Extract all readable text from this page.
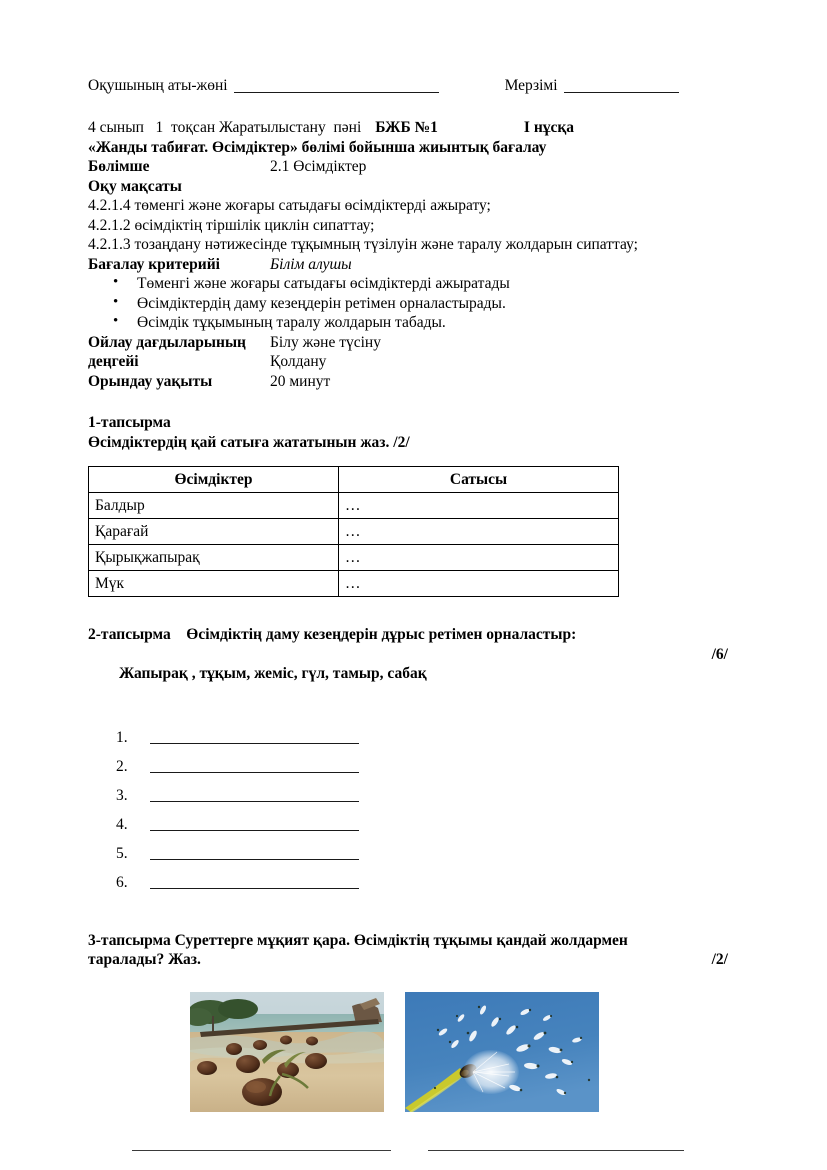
Оқушының аты-жөні	Мерзімі
4 сынып   1  тоқсан Жаратылыстану  пәні БЖБ №1	I нұсқа
«Жанды табиғат. Өсімдіктер» бөлімі бойынша жиынтық бағалау
Бөлімше	2.1 Өсімдіктер
Оқу мақсаты
4.2.1.4 төменгі және жоғары сатыдағы өсімдіктерді ажырату;
4.2.1.2 өсімдіктің тіршілік циклін сипаттау;
4.2.1.3 тозаңдану нәтижесінде тұқымның түзілуін және таралу жолдарын сипаттау;
Бағалау критерийі	Білім алушы
• Төменгі және жоғары сатыдағы өсімдіктерді ажыратады
• Өсімдіктердің даму кезеңдерін ретімен орналастырады.
• Өсімдік тұқымының таралу жолдарын табады.
Ойлау дағдыларының	Білу және түсіну
деңгейі	Қолдану
Орындау уақыты	20 минут
1-тапсырма
Өсімдіктердің қай сатыға жататынын жаз. /2/
Өсімдіктер	Сатысы
Балдыр	…
Қарағай	…
Қырықжапырақ	…
Мүк	…
2-тапсырма    Өсімдіктің даму кезеңдерін дұрыс ретімен орналастыр:

Жапырақ , тұқым, жеміс, гүл, тамыр, сабақ

/6/

3-тапсырма Суреттерге мұқият қара. Өсімдіктің тұқымы қандай жолдармен
таралады? Жаз.	/2/
